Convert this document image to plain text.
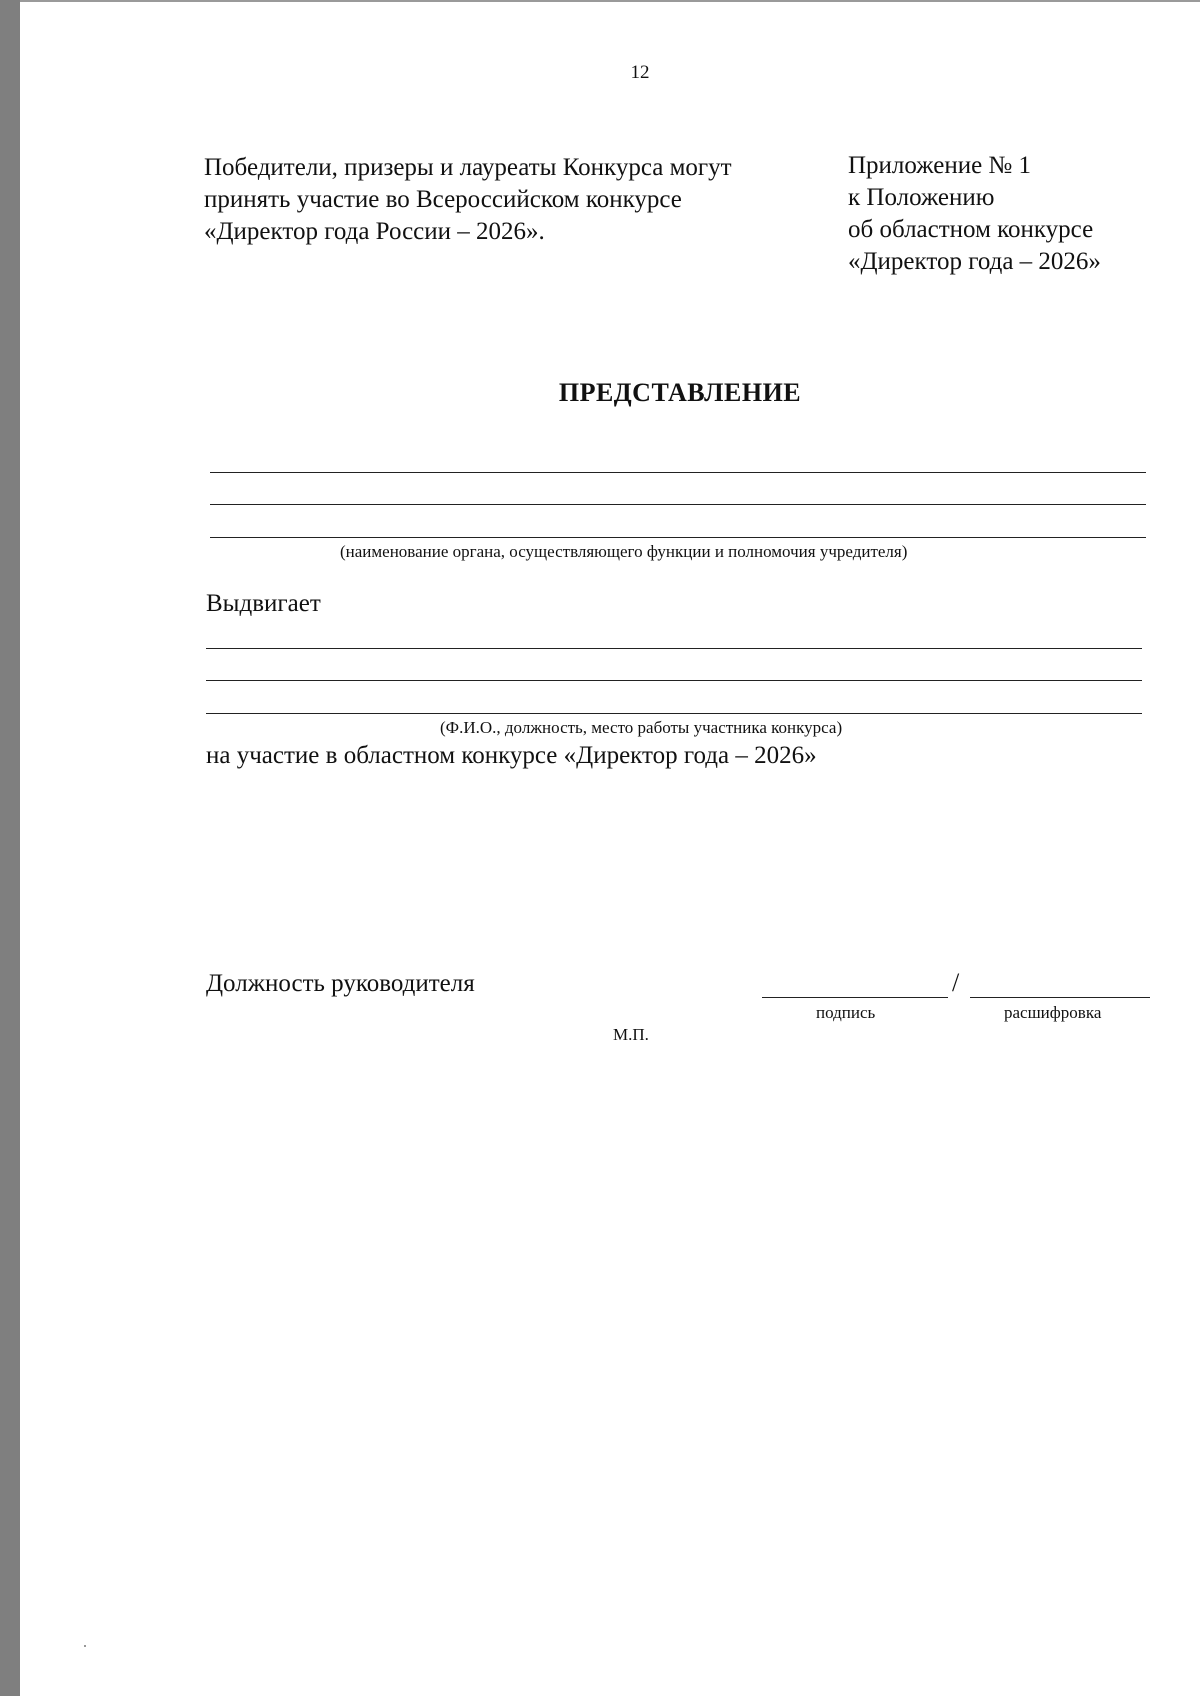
12
Победители, призеры и лауреаты Конкурса могут
принять участие во Всероссийском конкурсе
«Директор года России – 2026».
Приложение № 1
к Положению
об областном конкурсе
«Директор года – 2026»
ПРЕДСТАВЛЕНИЕ
(наименование органа, осуществляющего функции и полномочия учредителя)
Выдвигает
(Ф.И.О., должность, место работы участника конкурса)
на участие в областном конкурсе «Директор года – 2026»
Должность руководителя	/
подпись	расшифровка
М.П.
